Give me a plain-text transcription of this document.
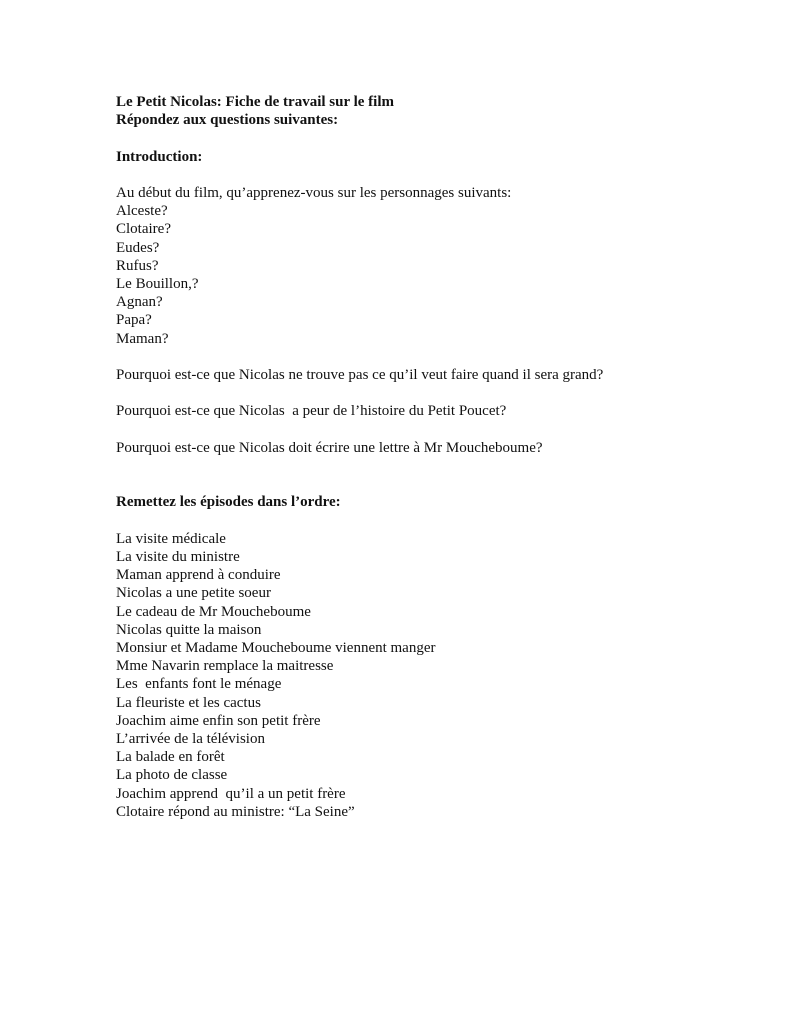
Le Petit Nicolas: Fiche de travail sur le film
Répondez aux questions suivantes:
Introduction:
Au début du film, qu’apprenez-vous sur les personnages suivants:
Alceste?
Clotaire?
Eudes?
Rufus?
Le Bouillon,?
Agnan?
Papa?
Maman?
Pourquoi est-ce que Nicolas ne trouve pas ce qu’il veut faire quand il sera grand?
Pourquoi est-ce que Nicolas  a peur de l’histoire du Petit Poucet?
Pourquoi est-ce que Nicolas doit écrire une lettre à Mr Moucheboume?
Remettez les épisodes dans l’ordre:
La visite médicale
La visite du ministre
Maman apprend à conduire
Nicolas a une petite soeur
Le cadeau de Mr Moucheboume
Nicolas quitte la maison
Monsiur et Madame Moucheboume viennent manger
Mme Navarin remplace la maitresse
Les  enfants font le ménage
La fleuriste et les cactus
Joachim aime enfin son petit frère
L’arrivée de la télévision
La balade en forêt
La photo de classe
Joachim apprend  qu’il a un petit frère
Clotaire répond au ministre: “La Seine”
